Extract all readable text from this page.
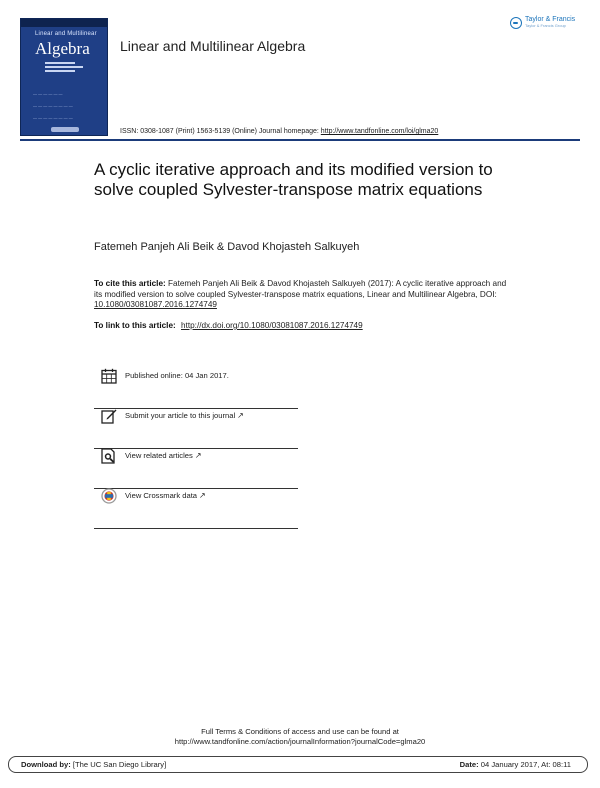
Linear and Multilinear
Algebra
— — — — — —
— — — — — — — —
— — — — — — — —
Linear and Multilinear Algebra
Taylor & Francis
Taylor & Francis Group
ISSN: 0308-1087 (Print) 1563-5139 (Online) Journal homepage: http://www.tandfonline.com/loi/glma20
A cyclic iterative approach and its modified version to solve coupled Sylvester-transpose matrix equations
Fatemeh Panjeh Ali Beik & Davod Khojasteh Salkuyeh
To cite this article: Fatemeh Panjeh Ali Beik & Davod Khojasteh Salkuyeh (2017): A cyclic iterative approach and its modified version to solve coupled Sylvester-transpose matrix equations, Linear and Multilinear Algebra, DOI: 10.1080/03081087.2016.1274749
To link to this article: http://dx.doi.org/10.1080/03081087.2016.1274749
Published online: 04 Jan 2017.
Submit your article to this journal ↗
View related articles ↗
View Crossmark data ↗
Full Terms & Conditions of access and use can be found at
http://www.tandfonline.com/action/journalInformation?journalCode=glma20
Download by: [The UC San Diego Library]	Date: 04 January 2017, At: 08:11
